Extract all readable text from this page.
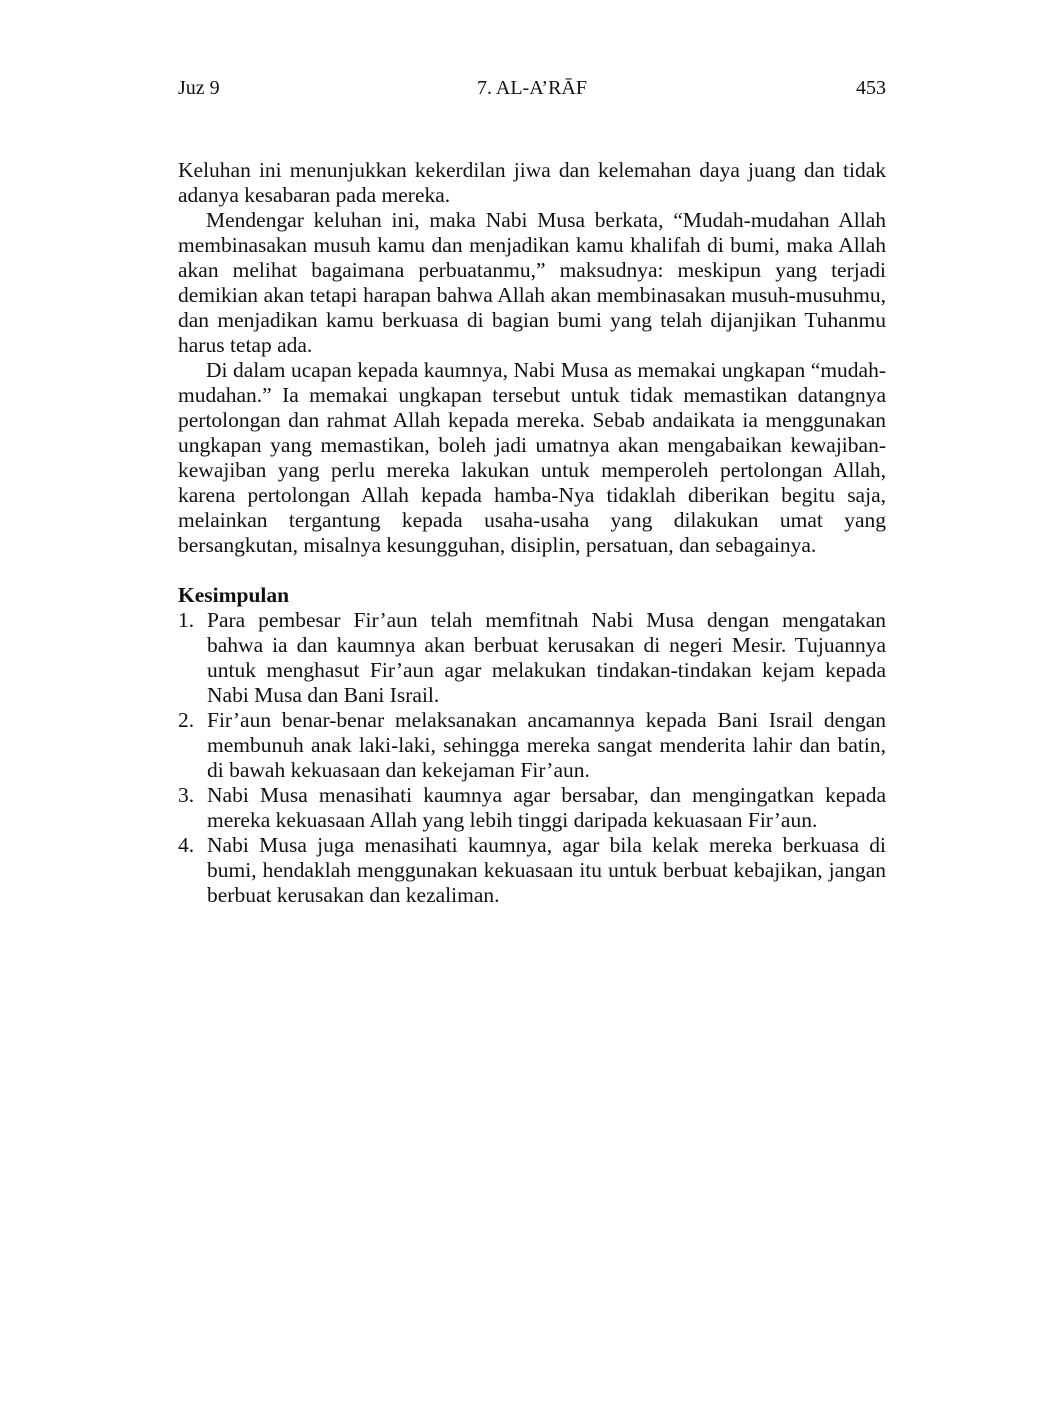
Juz 9	7. AL-A’RĀF	453

Keluhan ini menunjukkan kekerdilan jiwa dan kelemahan daya juang dan tidak adanya kesabaran pada mereka.

Mendengar keluhan ini, maka Nabi Musa berkata, “Mudah-mudahan Allah membinasakan musuh kamu dan menjadikan kamu khalifah di bumi, maka Allah akan melihat bagaimana perbuatanmu,” maksudnya: meskipun yang terjadi demikian akan tetapi harapan bahwa Allah akan membinasakan musuh-musuhmu, dan menjadikan kamu berkuasa di bagian bumi yang telah dijanjikan Tuhanmu harus tetap ada.

Di dalam ucapan kepada kaumnya, Nabi Musa as memakai ungkapan “mudah-mudahan.” Ia memakai ungkapan tersebut untuk tidak memastikan datangnya pertolongan dan rahmat Allah kepada mereka. Sebab andaikata ia menggunakan ungkapan yang memastikan, boleh jadi umatnya akan mengabaikan kewajiban-kewajiban yang perlu mereka lakukan untuk memperoleh pertolongan Allah, karena pertolongan Allah kepada hamba-Nya tidaklah diberikan begitu saja, melainkan tergantung kepada usaha-usaha yang dilakukan umat yang bersangkutan, misalnya kesungguhan, disiplin, persatuan, dan sebagainya.

Kesimpulan
1. Para pembesar Fir’aun telah memfitnah Nabi Musa dengan mengatakan bahwa ia dan kaumnya akan berbuat kerusakan di negeri Mesir. Tujuannya untuk menghasut Fir’aun agar melakukan tindakan-tindakan kejam kepada Nabi Musa dan Bani Israil.
2. Fir’aun benar-benar melaksanakan ancamannya kepada Bani Israil dengan membunuh anak laki-laki, sehingga mereka sangat menderita lahir dan batin, di bawah kekuasaan dan kekejaman Fir’aun.
3. Nabi Musa menasihati kaumnya agar bersabar, dan mengingatkan kepada mereka kekuasaan Allah yang lebih tinggi daripada kekuasaan Fir’aun.
4. Nabi Musa juga menasihati kaumnya, agar bila kelak mereka berkuasa di bumi, hendaklah menggunakan kekuasaan itu untuk berbuat kebajikan, jangan berbuat kerusakan dan kezaliman.
